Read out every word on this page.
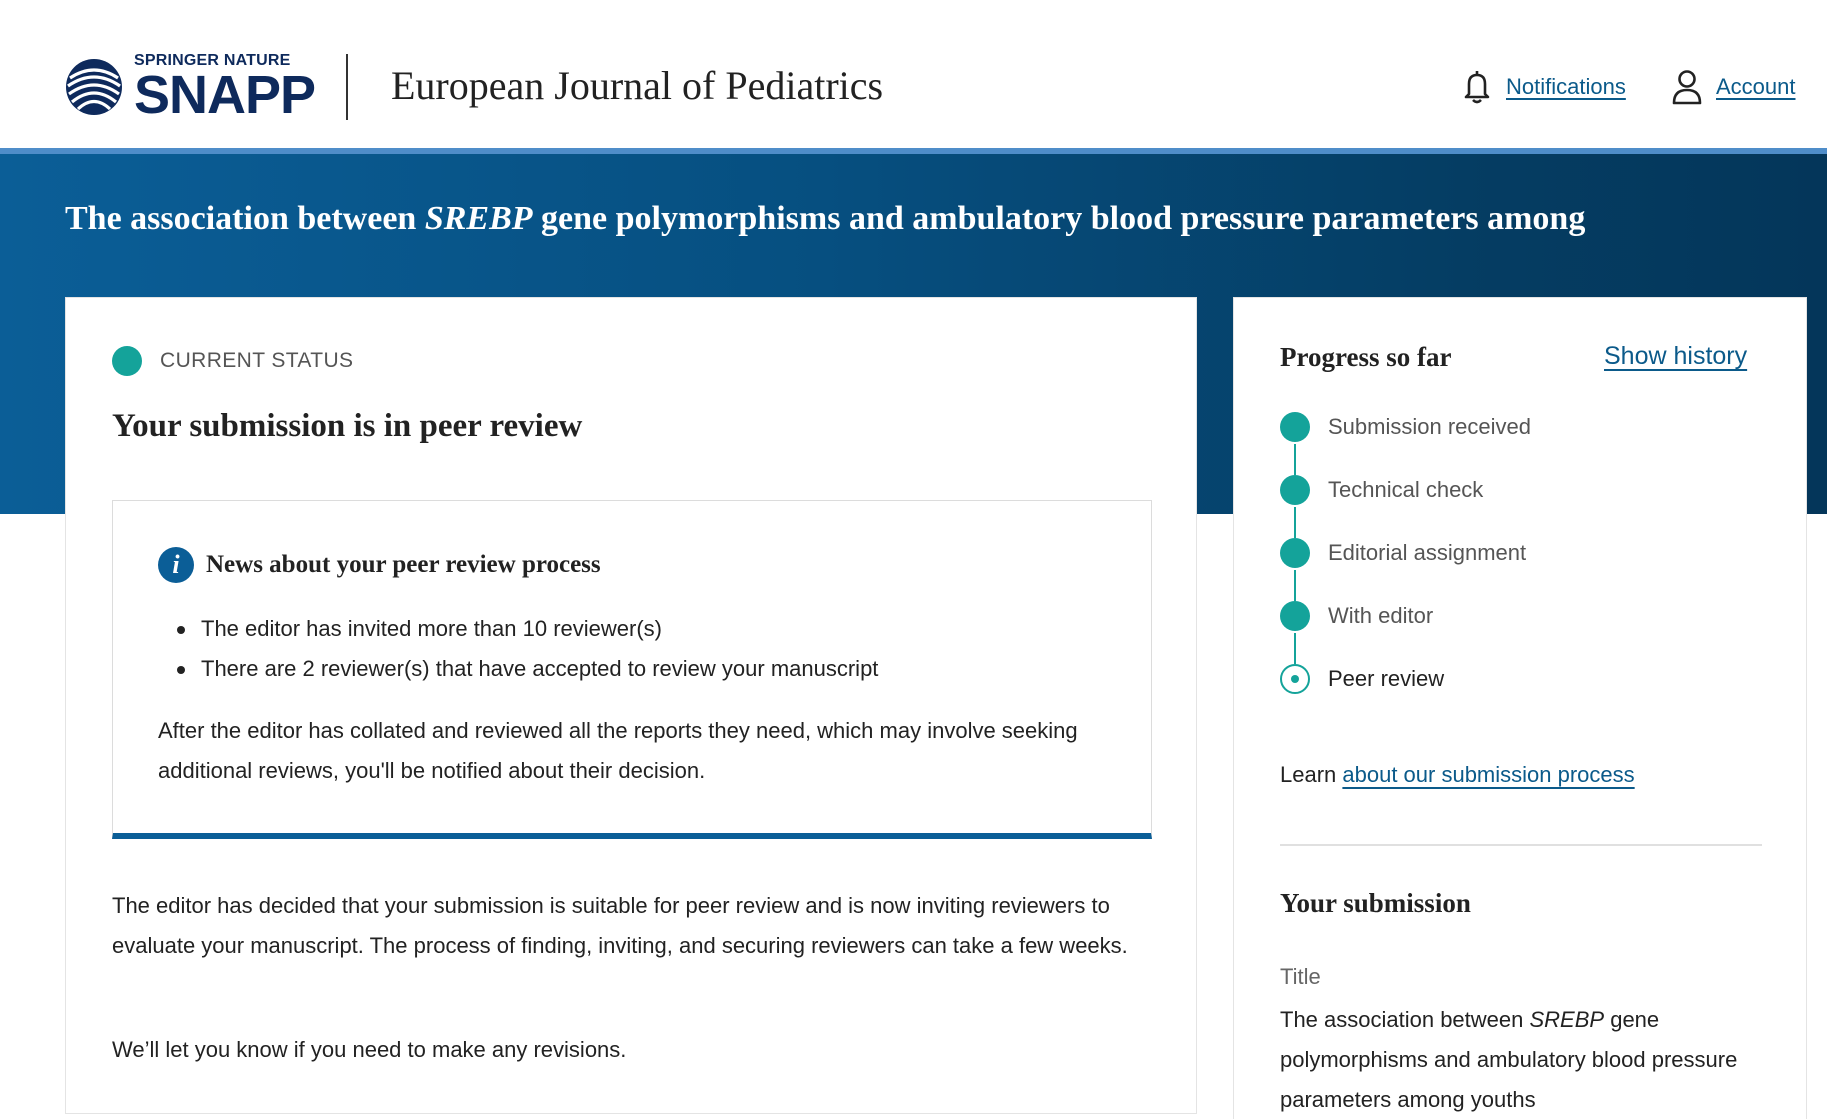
SPRINGER NATURE
SNAPP European Journal of Pediatrics	Notifications	Account
The association between SREBP gene polymorphisms and ambulatory blood pressure parameters among
CURRENT STATUS
Your submission is in peer review
i	News about your peer review process
The editor has invited more than 10 reviewer(s)
There are 2 reviewer(s) that have accepted to review your manuscript

After the editor has collated and reviewed all the reports they need, which may involve seeking additional reviews, you'll be notified about their decision.

The editor has decided that your submission is suitable for peer review and is now inviting reviewers to evaluate your manuscript. The process of finding, inviting, and securing reviewers can take a few weeks.

We’ll let you know if you need to make any revisions.

Progress so far	Show history
Submission received
Technical check
Editorial assignment
With editor
Peer review

Learn about our submission process

Your submission
Title

The association between SREBP gene polymorphisms and ambulatory blood pressure parameters among youths
